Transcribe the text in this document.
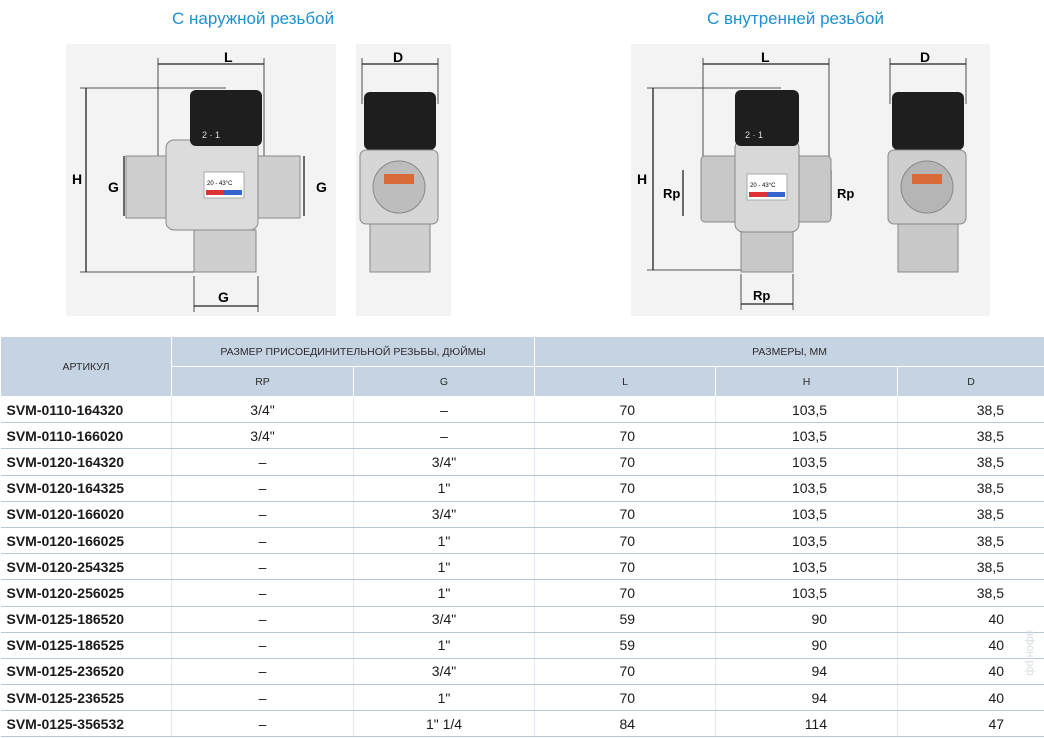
С наружной резьбой	С внутренней резьбой
L
H G	G
2 · 1
20 - 43°C
G
D	L
H
Rp	Rp
2 · 1
20 - 43°C
Rp
D
АРТИКУЛ	РАЗМЕР ПРИСОЕДИНИТЕЛЬНОЙ РЕЗЬБЫ, ДЮЙМЫ		РАЗМЕРЫ, ММ		
	RP	G	L	H	D
SVM-0110-164320	3/4"	–	70	103,5	38,5
SVM-0110-166020	3/4"	–	70	103,5	38,5
SVM-0120-164320	–	3/4"	70	103,5	38,5
SVM-0120-164325	–	1"	70	103,5	38,5
SVM-0120-166020	–	3/4"	70	103,5	38,5
SVM-0120-166025	–	1"	70	103,5	38,5
SVM-0120-254325	–	1"	70	103,5	38,5
SVM-0120-256025	–	1"	70	103,5	38,5
SVM-0125-186520	–	3/4"	59	90	40
SVM-0125-186525	–	1"	59	90	40
SVM-0125-236520	–	3/4"	70	94	40
SVM-0125-236525	–	1"	70	94	40
SVM-0125-356532	–	1" 1/4	84	114	47
афон.рф
